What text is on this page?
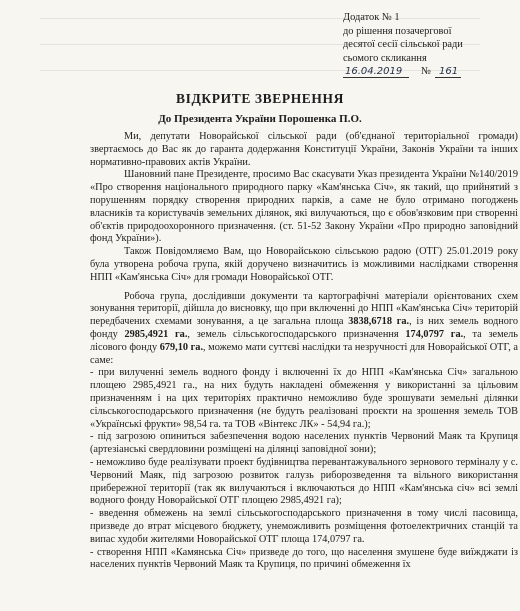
Додаток № 1
до рішення позачергової
десятої сесії сільської ради
сьомого скликання
16.04.2019 № 161
ВІДКРИТЕ ЗВЕРНЕННЯ
До Президента України Порошенка П.О.

Ми, депутати Новорайської сільської ради (об'єднаної територіальної громади) звертаємось до Вас як до гаранта додержання Конституції України, Законів України та інших нормативно-правових актів України.

Шановний пане Президенте, просимо Вас скасувати Указ президента України №140/2019 «Про створення національного природного парку «Кам'янська Січ», як такий, що прийнятий з порушенням порядку створення природних парків, а саме не було отримано погоджень власників та користувачів земельних ділянок, які вилучаються, що є обов'язковим при створенні об'єктів природоохоронного призначення. (ст. 51-52 Закону України «Про природно заповідний фонд України»).

Також Повідомляємо Вам, що Новорайською сільською радою (ОТГ) 25.01.2019 року була утворена робоча група, якій доручено визначитись із можливими наслідками створення НПП «Кам'янська Січ» для громади Новорайської ОТГ.

Робоча група, дослідивши документи та картографічні матеріали орієнтованих схем зонування території, дійшла до висновку, що при включенні до НПП «Кам'янська Січ» територій передбачених схемами зонування, а це загальна площа 3838,6718 га., із них земель водного фонду 2985,4921 га., земель сільськогосподарського призначення 174,0797 га., та земель лісового фонду 679,10 га., можемо мати суттєві наслідки та незручності для Новорайської ОТГ, а саме:

- при вилученні земель водного фонду і включенні їх до НПП «Кам'янська Січ» загальною площею 2985,4921 га., на них будуть накладені обмеження у використанні за цільовим призначенням і на цих територіях практично неможливо буде зрошувати земельні ділянки сільськогосподарського призначення (не будуть реалізовані проєкти на зрошення земель ТОВ «Українські фрукти» 98,54 га. та ТОВ «Вінтекс ЛК» - 54,94 га.);

- під загрозою опиниться забезпечення водою населених пунктів Червоний Маяк та Крупиця (артезіанські свердловини розміщені на ділянці заповідної зони);

- неможливо буде реалізувати проект будівництва перевантажувального зернового терміналу у с. Червоний Маяк, під загрозою розвиток галузь риборозведення та вільного використання прибережної території (так як вилучаються і включаються до НПП «Кам'янська січ» всі землі водного фонду Новорайської ОТГ площею 2985,4921 га);

- введення обмежень на землі сільськогосподарського призначення в тому числі пасовища, призведе до втрат місцевого бюджету, унеможливить розміщення фотоелектричних станцій та випас худоби жителями Новорайської ОТГ площа 174,0797 га.

- створення НПП «Камянська Січ» призведе до того, що населення змушене буде виїжджати із населених пунктів Червоний Маяк та Крупиця, по причині обмеження їх
